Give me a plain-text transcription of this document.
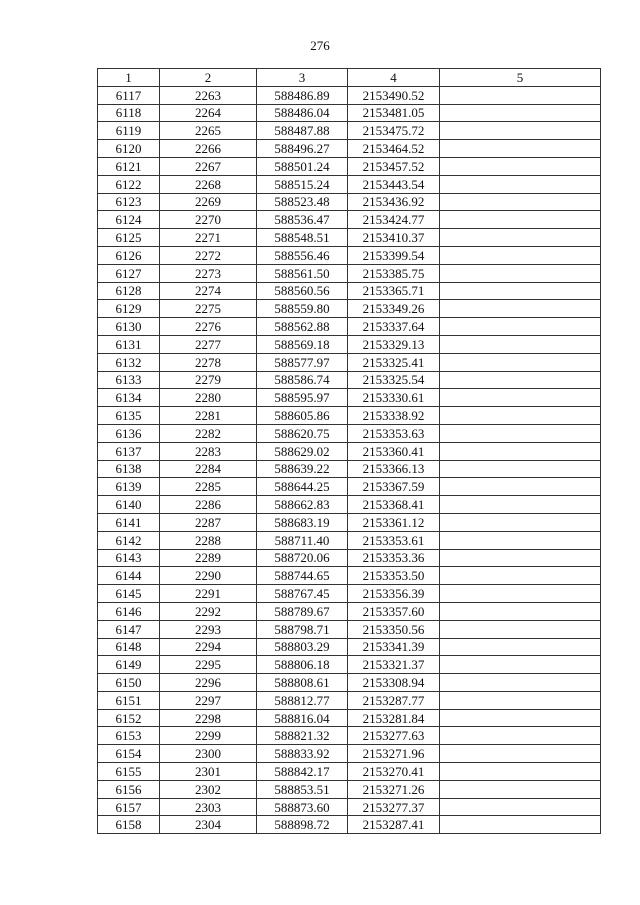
276
1	2	3	4	5
6117	2263	588486.89	2153490.52	
6118	2264	588486.04	2153481.05	
6119	2265	588487.88	2153475.72	
6120	2266	588496.27	2153464.52	
6121	2267	588501.24	2153457.52	
6122	2268	588515.24	2153443.54	
6123	2269	588523.48	2153436.92	
6124	2270	588536.47	2153424.77	
6125	2271	588548.51	2153410.37	
6126	2272	588556.46	2153399.54	
6127	2273	588561.50	2153385.75	
6128	2274	588560.56	2153365.71	
6129	2275	588559.80	2153349.26	
6130	2276	588562.88	2153337.64	
6131	2277	588569.18	2153329.13	
6132	2278	588577.97	2153325.41	
6133	2279	588586.74	2153325.54	
6134	2280	588595.97	2153330.61	
6135	2281	588605.86	2153338.92	
6136	2282	588620.75	2153353.63	
6137	2283	588629.02	2153360.41	
6138	2284	588639.22	2153366.13	
6139	2285	588644.25	2153367.59	
6140	2286	588662.83	2153368.41	
6141	2287	588683.19	2153361.12	
6142	2288	588711.40	2153353.61	
6143	2289	588720.06	2153353.36	
6144	2290	588744.65	2153353.50	
6145	2291	588767.45	2153356.39	
6146	2292	588789.67	2153357.60	
6147	2293	588798.71	2153350.56	
6148	2294	588803.29	2153341.39	
6149	2295	588806.18	2153321.37	
6150	2296	588808.61	2153308.94	
6151	2297	588812.77	2153287.77	
6152	2298	588816.04	2153281.84	
6153	2299	588821.32	2153277.63	
6154	2300	588833.92	2153271.96	
6155	2301	588842.17	2153270.41	
6156	2302	588853.51	2153271.26	
6157	2303	588873.60	2153277.37	
6158	2304	588898.72	2153287.41	
